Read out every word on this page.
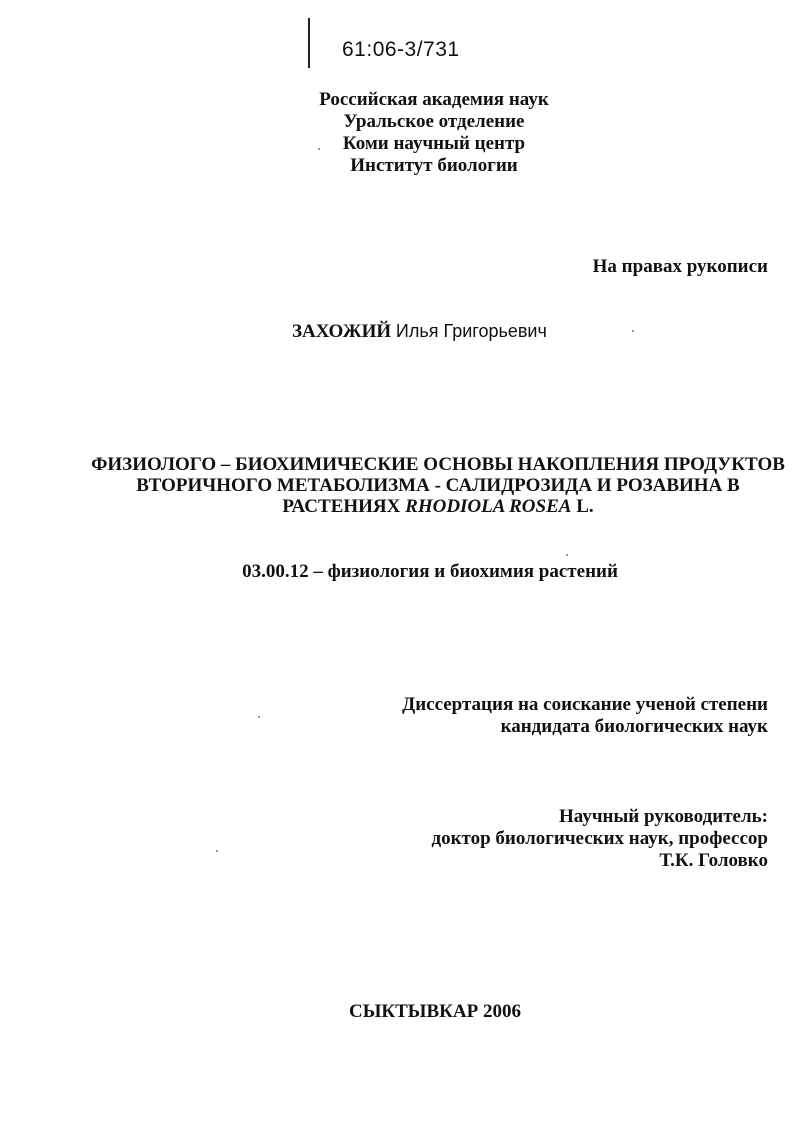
61:06-3/731
Российская академия наук
Уральское отделение
Коми научный центр
Институт биологии
На правах рукописи
ЗАХОЖИЙ Илья Григорьевич
ФИЗИОЛОГО – БИОХИМИЧЕСКИЕ ОСНОВЫ НАКОПЛЕНИЯ ПРОДУКТОВ
ВТОРИЧНОГО МЕТАБОЛИЗМА - САЛИДРОЗИДА И РОЗАВИНА В
РАСТЕНИЯХ RHODIOLA ROSEA L.
03.00.12 – физиология и биохимия растений
Диссертация на соискание ученой степени
кандидата биологических наук
Научный руководитель:
доктор биологических наук, профессор
Т.К. Головко
СЫКТЫВКАР 2006
